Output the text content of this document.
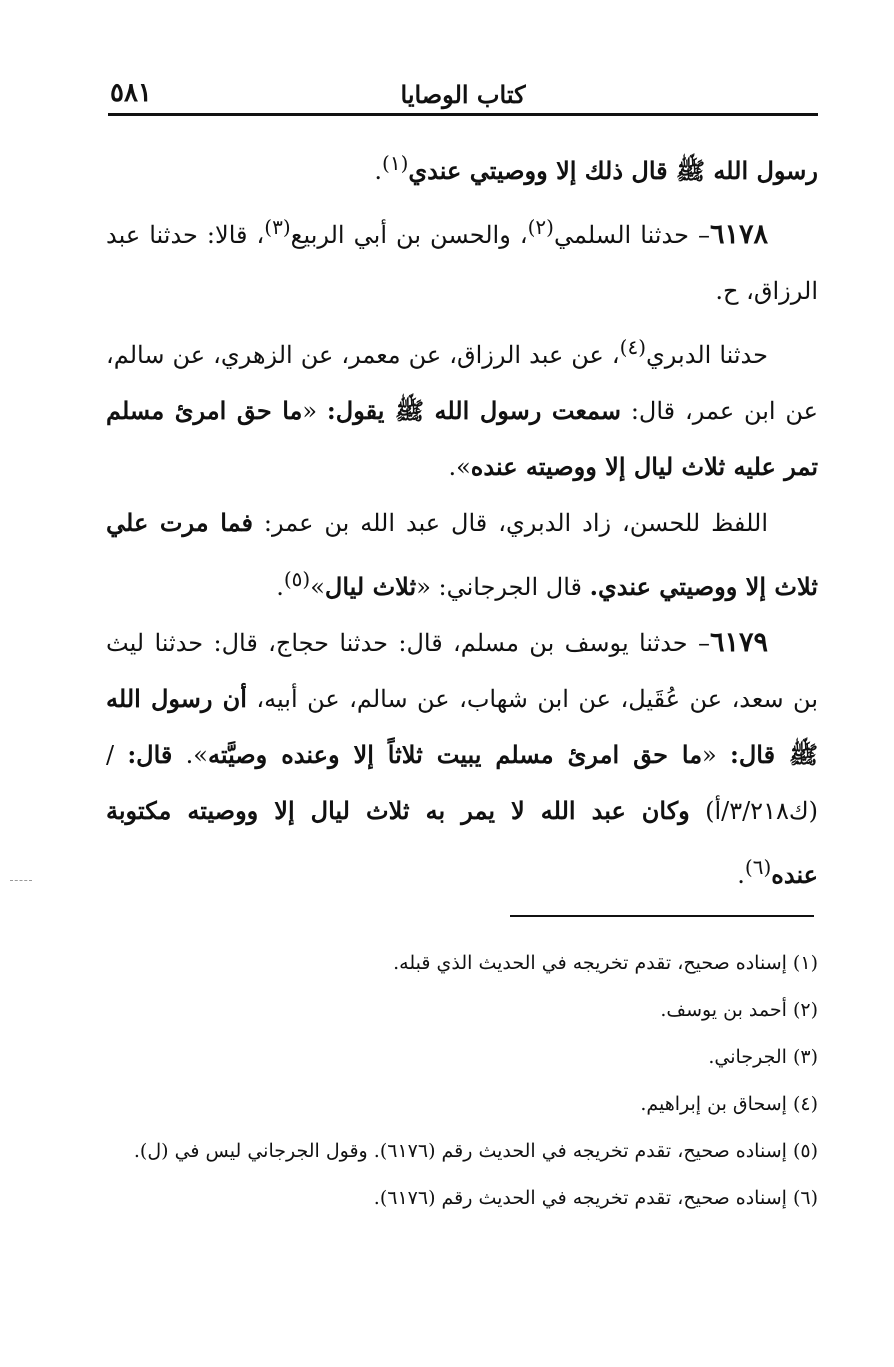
كتاب الوصايا
٥٨١

رسول الله ﷺ قال ذلك إلا ووصيتي عندي$^{(١)}$.

٦١٧٨– حدثنا السلمي$^{(٢)}$، والحسن بن أبي الربيع$^{(٣)}$، قالا: حدثنا عبد الرزاق، ح.

حدثنا الدبري$^{(٤)}$، عن عبد الرزاق، عن معمر، عن الزهري، عن سالم، عن ابن عمر، قال: سمعت رسول الله ﷺ يقول: «ما حق امرئ مسلم تمر عليه ثلاث ليال إلا ووصيته عنده».

اللفظ للحسن، زاد الدبري، قال عبد الله بن عمر: فما مرت علي ثلاث إلا ووصيتي عندي. قال الجرجاني: «ثلاث ليال»$^{(٥)}$.

٦١٧٩– حدثنا يوسف بن مسلم، قال: حدثنا حجاج، قال: حدثنا ليث بن سعد، عن عُقَيل، عن ابن شهاب، عن سالم، عن أبيه، أن رسول الله ﷺ قال: «ما حق امرئ مسلم يبيت ثلاثاً إلا وعنده وصيَّته». قال: / (ك٣/٢١٨/أ) وكان عبد الله لا يمر به ثلاث ليال إلا ووصيته مكتوبة عنده$^{(٦)}$.

(١) إسناده صحيح، تقدم تخريجه في الحديث الذي قبله.

(٢) أحمد بن يوسف.

(٣) الجرجاني.

(٤) إسحاق بن إبراهيم.

(٥) إسناده صحيح، تقدم تخريجه في الحديث رقم (٦١٧٦). وقول الجرجاني ليس في (ل).

(٦) إسناده صحيح، تقدم تخريجه في الحديث رقم (٦١٧٦).
